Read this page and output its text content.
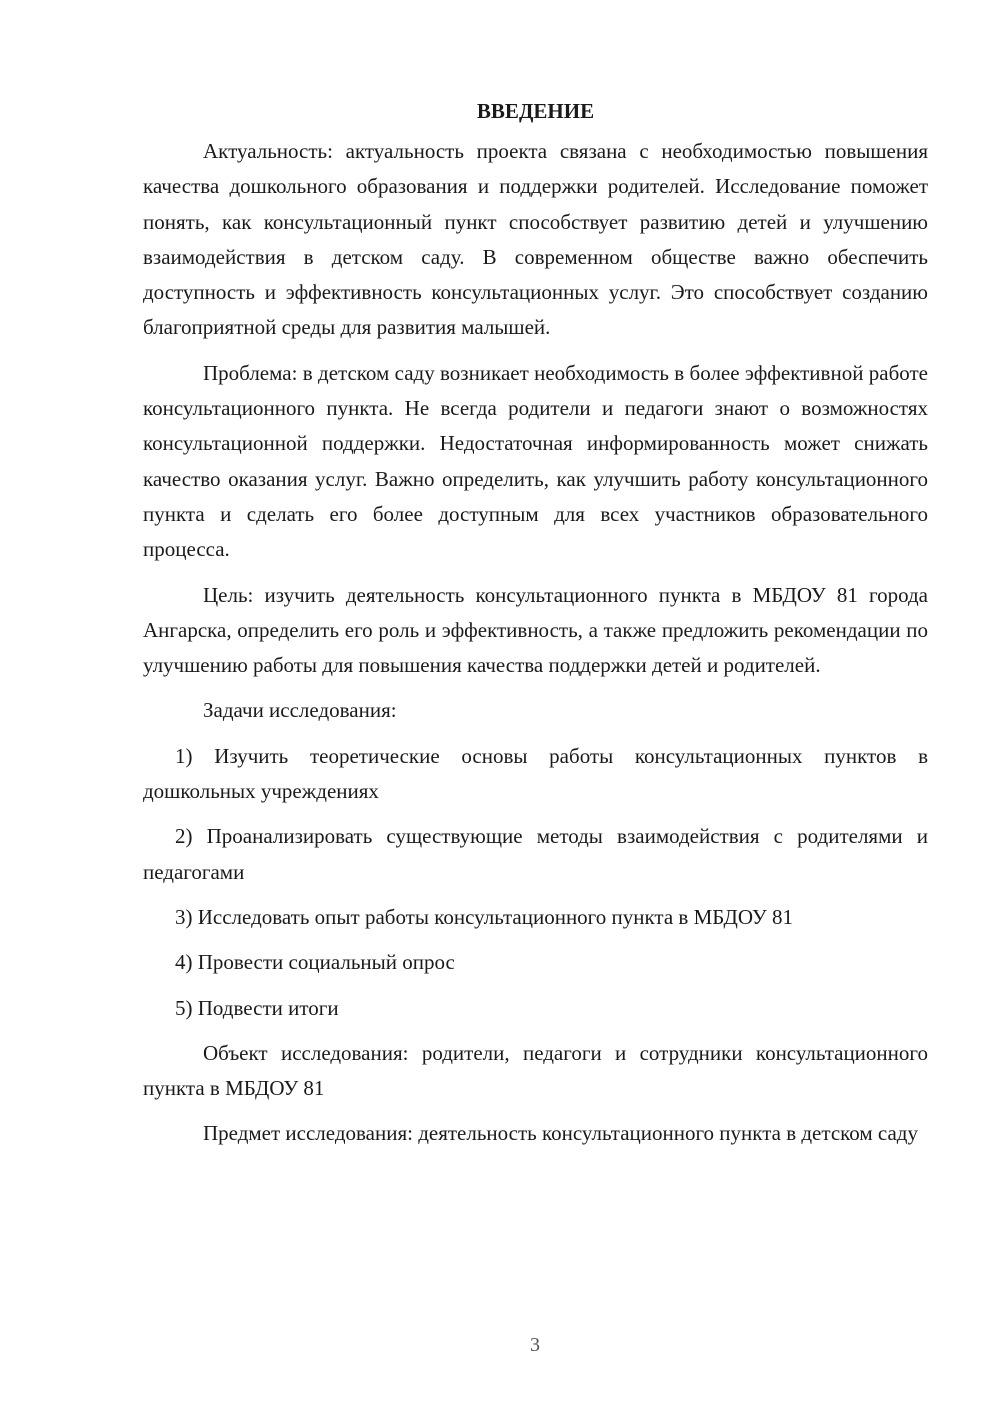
ВВЕДЕНИЕ

Актуальность: актуальность проекта связана с необходимостью повышения качества дошкольного образования и поддержки родителей. Исследование поможет понять, как консультационный пункт способствует развитию детей и улучшению взаимодействия в детском саду. В современном обществе важно обеспечить доступность и эффективность консультационных услуг. Это способствует созданию благоприятной среды для развития малышей.

Проблема: в детском саду возникает необходимость в более эффективной работе консультационного пункта. Не всегда родители и педагоги знают о возможностях консультационной поддержки. Недостаточная информированность может снижать качество оказания услуг. Важно определить, как улучшить работу консультационного пункта и сделать его более доступным для всех участников образовательного процесса.

Цель: изучить деятельность консультационного пункта в МБДОУ 81 города Ангарска, определить его роль и эффективность, а также предложить рекомендации по улучшению работы для повышения качества поддержки детей и родителей.

Задачи исследования:

1) Изучить теоретические основы работы консультационных пунктов в дошкольных учреждениях

2) Проанализировать существующие методы взаимодействия с родителями и педагогами

3) Исследовать опыт работы консультационного пункта в МБДОУ 81

4) Провести социальный опрос

5) Подвести итоги

Объект исследования: родители, педагоги и сотрудники консультационного пункта в МБДОУ 81

Предмет исследования: деятельность консультационного пункта в детском саду

3
